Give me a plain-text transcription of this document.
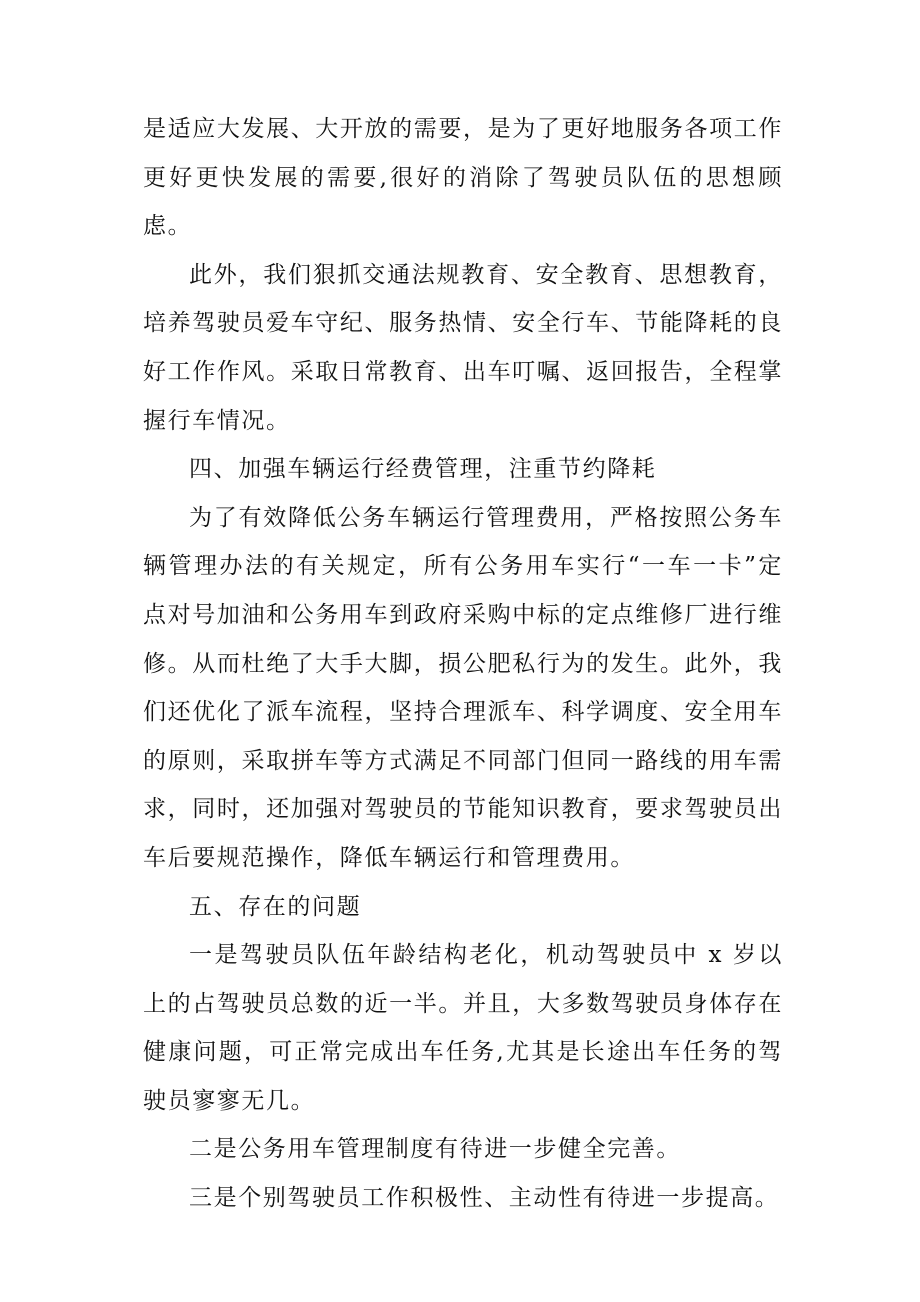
是适应大发展、大开放的需要，是为了更好地服务各项工作更好更快发展的需要,很好的消除了驾驶员队伍的思想顾虑。

此外，我们狠抓交通法规教育、安全教育、思想教育，培养驾驶员爱车守纪、服务热情、安全行车、节能降耗的良好工作作风。采取日常教育、出车叮嘱、返回报告，全程掌握行车情况。

四、加强车辆运行经费管理，注重节约降耗

为了有效降低公务车辆运行管理费用，严格按照公务车辆管理办法的有关规定，所有公务用车实行“一车一卡”定点对号加油和公务用车到政府采购中标的定点维修厂进行维修。从而杜绝了大手大脚，损公肥私行为的发生。此外，我们还优化了派车流程，坚持合理派车、科学调度、安全用车的原则，采取拼车等方式满足不同部门但同一路线的用车需求，同时，还加强对驾驶员的节能知识教育，要求驾驶员出车后要规范操作，降低车辆运行和管理费用。

五、存在的问题

一是驾驶员队伍年龄结构老化，机动驾驶员中 x 岁以上的占驾驶员总数的近一半。并且，大多数驾驶员身体存在健康问题，可正常完成出车任务,尤其是长途出车任务的驾驶员寥寥无几。

二是公务用车管理制度有待进一步健全完善。

三是个别驾驶员工作积极性、主动性有待进一步提高。
